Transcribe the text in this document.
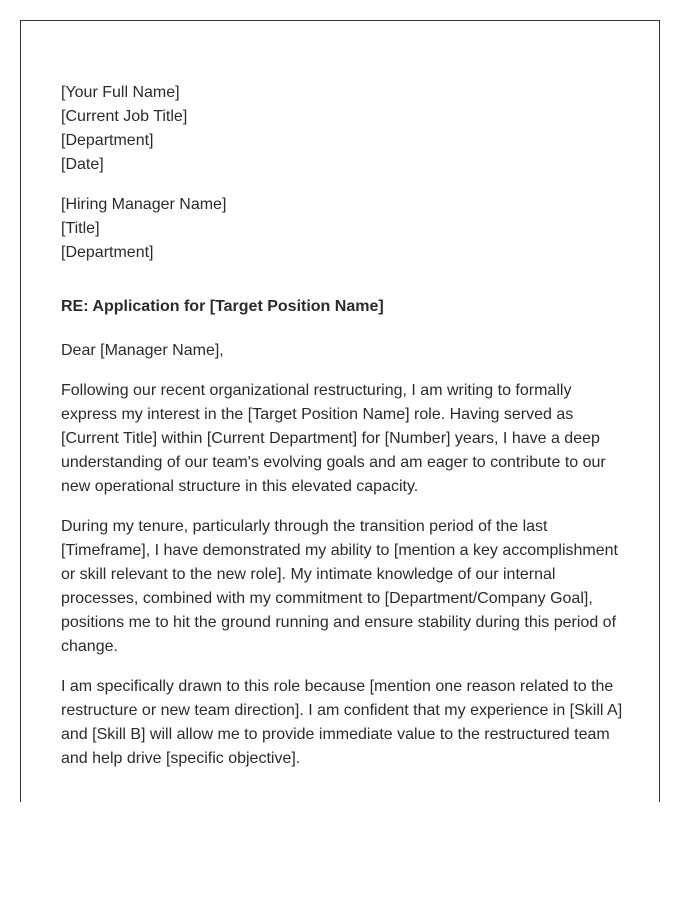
[Your Full Name]
[Current Job Title]
[Department]
[Date]
[Hiring Manager Name]
[Title]
[Department]
RE: Application for [Target Position Name]
Dear [Manager Name],

Following our recent organizational restructuring, I am writing to formally express my interest in the [Target Position Name] role. Having served as [Current Title] within [Current Department] for [Number] years, I have a deep understanding of our team's evolving goals and am eager to contribute to our new operational structure in this elevated capacity.

During my tenure, particularly through the transition period of the last [Timeframe], I have demonstrated my ability to [mention a key accomplishment or skill relevant to the new role]. My intimate knowledge of our internal processes, combined with my commitment to [Department/Company Goal], positions me to hit the ground running and ensure stability during this period of change.

I am specifically drawn to this role because [mention one reason related to the restructure or new team direction]. I am confident that my experience in [Skill A] and [Skill B] will allow me to provide immediate value to the restructured team and help drive [specific objective].
